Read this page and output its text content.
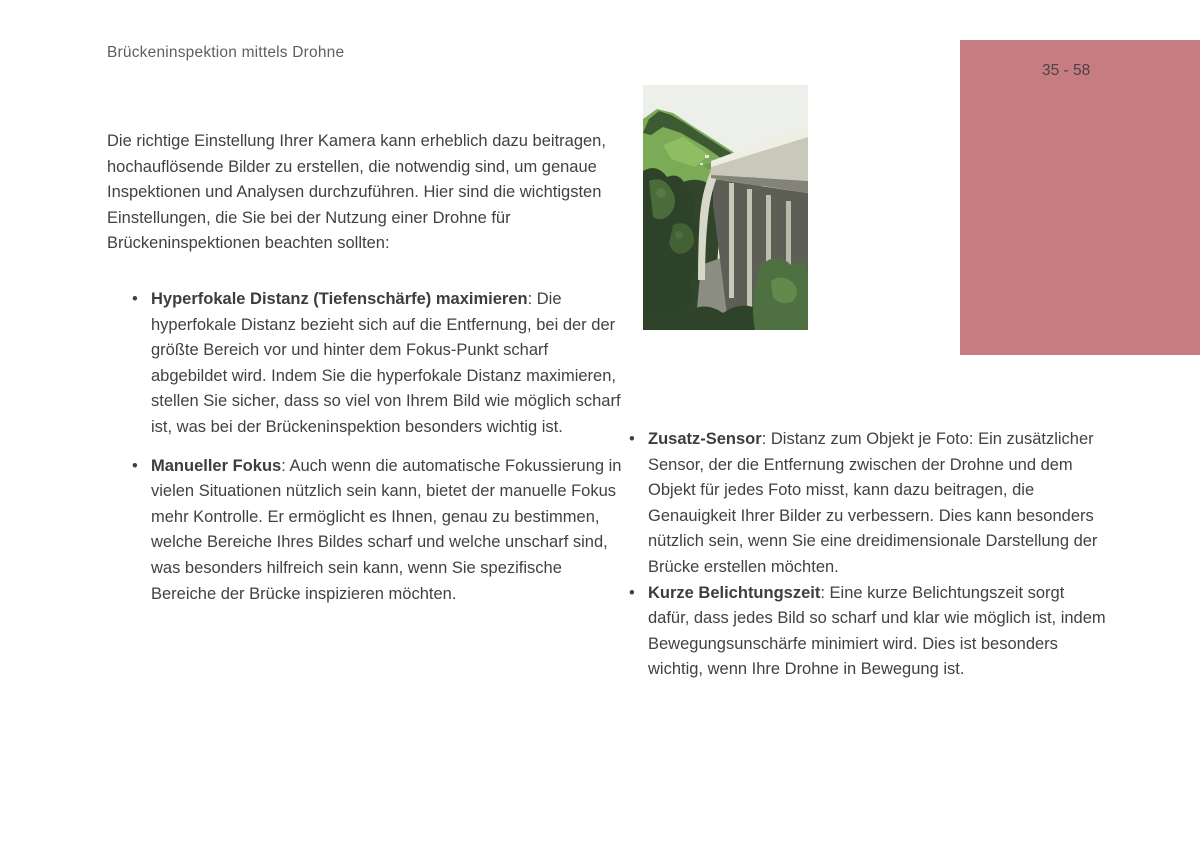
Brückeninspektion mittels Drohne
35 - 58

Die richtige Einstellung Ihrer Kamera kann erheblich dazu beitragen, hochauflösende Bilder zu erstellen, die notwendig sind, um genaue Inspektionen und Analysen durchzuführen. Hier sind die wichtigsten Einstellungen, die Sie bei der Nutzung einer Drohne für Brückeninspektionen beachten sollten:

• Hyperfokale Distanz (Tiefenschärfe) maximieren: Die hyperfokale Distanz bezieht sich auf die Entfernung, bei der der größte Bereich vor und hinter dem Fokus-Punkt scharf abgebildet wird. Indem Sie die hyperfokale Distanz maximieren, stellen Sie sicher, dass so viel von Ihrem Bild wie möglich scharf ist, was bei der Brückeninspektion besonders wichtig ist.
• Manueller Fokus: Auch wenn die automatische Fokussierung in vielen Situationen nützlich sein kann, bietet der manuelle Fokus mehr Kontrolle. Er ermöglicht es Ihnen, genau zu bestimmen, welche Bereiche Ihres Bildes scharf und welche unscharf sind, was besonders hilfreich sein kann, wenn Sie spezifische Bereiche der Brücke inspizieren möchten.
• Zusatz-Sensor: Distanz zum Objekt je Foto: Ein zusätzlicher Sensor, der die Entfernung zwischen der Drohne und dem Objekt für jedes Foto misst, kann dazu beitragen, die Genauigkeit Ihrer Bilder zu verbessern. Dies kann besonders nützlich sein, wenn Sie eine dreidimensionale Darstellung der Brücke erstellen möchten.
• Kurze Belichtungszeit: Eine kurze Belichtungszeit sorgt dafür, dass jedes Bild so scharf und klar wie möglich ist, indem Bewegungsunschärfe minimiert wird. Dies ist besonders wichtig, wenn Ihre Drohne in Bewegung ist.
